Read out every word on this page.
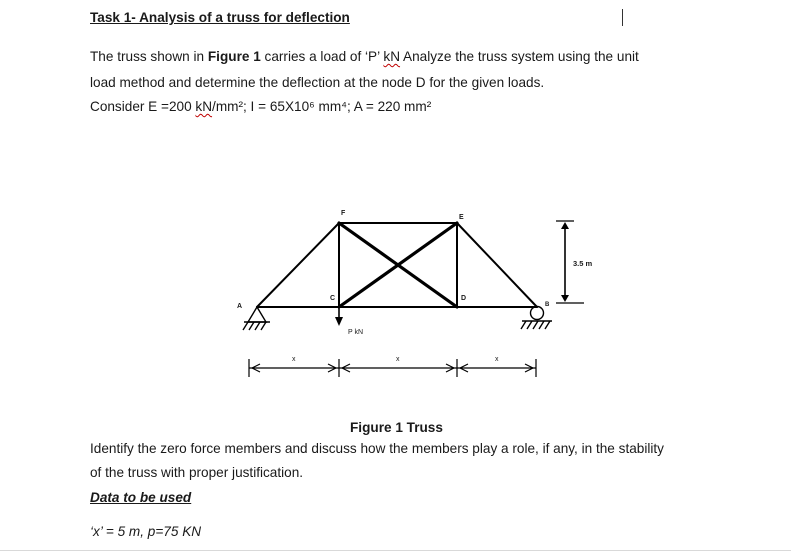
Task 1- Analysis of a truss for deflection
The truss shown in Figure 1 carries a load of ‘P’ kN Analyze the truss system using the unit
load method and determine the deflection at the node D for the given loads.
Consider E =200 kN/mm²; I = 65X10⁶ mm⁴; A = 220 mm²
A
F
E
C	D
B
P kN
3.5 m
x	x	x
Figure 1 Truss
Identify the zero force members and discuss how the members play a role, if any, in the stability
of the truss with proper justification.
Data to be used
‘x’ = 5 m, p=75 KN
